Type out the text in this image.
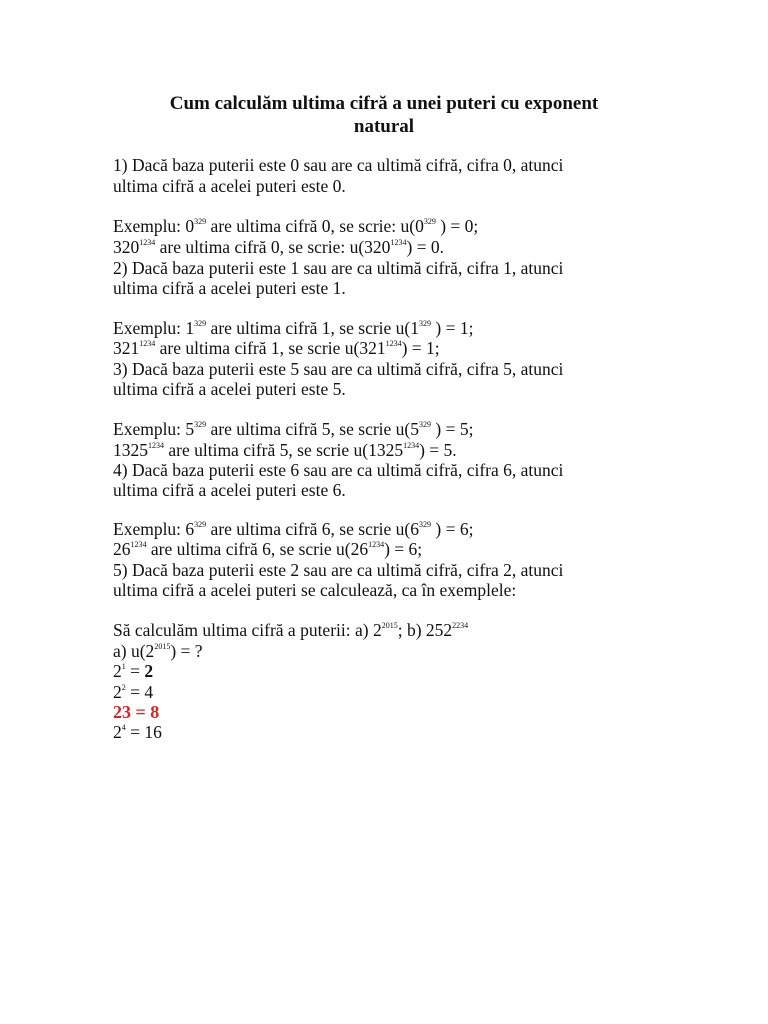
Cum calculăm ultima cifră a unei puteri cu exponent
natural
1) Dacă baza puterii este 0 sau are ca ultimă cifră, cifra 0, atunci
ultima cifră a acelei puteri este 0.
Exemplu: $0^{329}$ are ultima cifră 0, se scrie: $u(0^{329}$ ) = 0;
$320^{1234}$ are ultima cifră 0, se scrie: $u(320^{1234}) = 0$.
2) Dacă baza puterii este 1 sau are ca ultimă cifră, cifra 1, atunci
ultima cifră a acelei puteri este 1.
Exemplu: $1^{329}$ are ultima cifră 1, se scrie $u(1^{329}$ ) = 1;
$321^{1234}$ are ultima cifră 1, se scrie $u(321^{1234}) = 1$;
3) Dacă baza puterii este 5 sau are ca ultimă cifră, cifra 5, atunci
ultima cifră a acelei puteri este 5.
Exemplu: $5^{329}$ are ultima cifră 5, se scrie $u(5^{329}$ ) = 5;
$1325^{1234}$ are ultima cifră 5, se scrie $u(1325^{1234}) = 5$.
4) Dacă baza puterii este 6 sau are ca ultimă cifră, cifra 6, atunci
ultima cifră a acelei puteri este 6.
Exemplu: $6^{329}$ are ultima cifră 6, se scrie $u(6^{329}$ ) = 6;
$26^{1234}$ are ultima cifră 6, se scrie $u(26^{1234}) = 6$;
5) Dacă baza puterii este 2 sau are ca ultimă cifră, cifra 2, atunci
ultima cifră a acelei puteri se calculează, ca în exemplele:
Să calculăm ultima cifră a puterii: a) $2^{2015}$; b) $252^{2234}$
a) $u(2^{2015})$ = ?
$2^1 = 2$
$2^2 = 4$
23 = 8
$2^4 = 16$
